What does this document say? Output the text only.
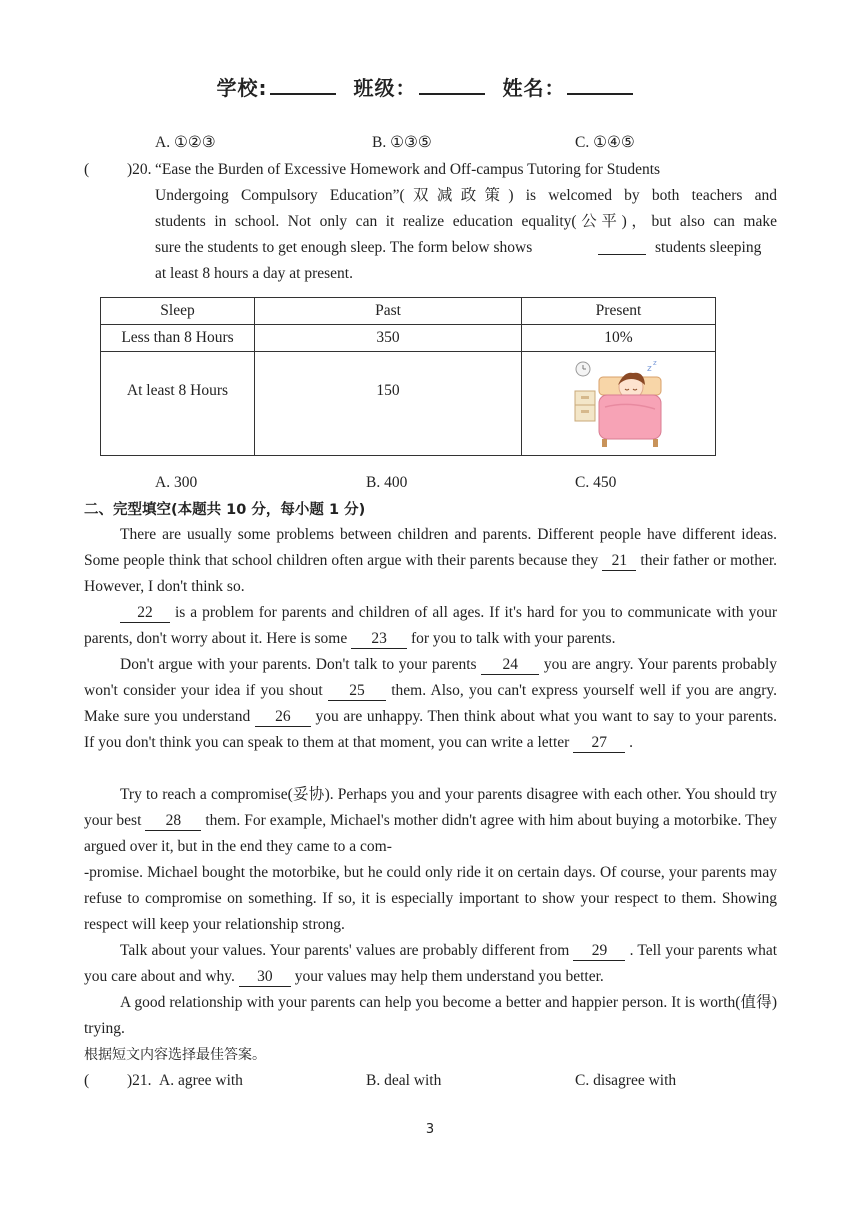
学校:	班级：	姓名：
A. ①②③	B. ①③⑤	C. ①④⑤
( )20. “Ease the Burden of Excessive Homework and Off-campus Tutoring for Students
Undergoing Compulsory Education”(双减政策) is welcomed by both teachers and
students in school. Not only can it realize education equality(公平)，but also can make
sure the students to get enough sleep. The form below shows	students sleeping
at least 8 hours a day at present.
Sleep	Past	Present
Less than 8 Hours	350	10%
At least 8 Hours	150	z
z
A. 300	B. 400	C. 450
二、完型填空(本题共 10 分，每小题 1 分)
There are usually some problems between children and parents. Different people have different ideas. Some people think that school children often argue with their parents because they 21 their father or mother. However, I don't think so.
22 is a problem for parents and children of all ages. If it's hard for you to communicate with your parents, don't worry about it. Here is some 23 for you to talk with your parents.
Don't argue with your parents. Don't talk to your parents 24 you are angry. Your parents probably won't consider your idea if you shout 25 them. Also, you can't express yourself well if you are angry. Make sure you understand 26 you are unhappy. Then think about what you want to say to your parents. If you don't think you can speak to them at that moment, you can write a letter 27 .
Try to reach a compromise(妥协). Perhaps you and your parents disagree with each other. You should try your best 28 them. For example, Michael's mother didn't agree with him about buying a motorbike. They argued over it, but in the end they came to a com-
-promise. Michael bought the motorbike, but he could only ride it on certain days. Of course, your parents may refuse to compromise on something. If so, it is especially important to show your respect to them. Showing respect will keep your relationship strong.
Talk about your values. Your parents' values are probably different from 29 . Tell your parents what you care about and why. 30 your values may help them understand you better.
A good relationship with your parents can help you become a better and happier person. It is worth(值得) trying.
根据短文内容选择最佳答案。
( )21. A. agree with	B. deal with	C. disagree with
3
